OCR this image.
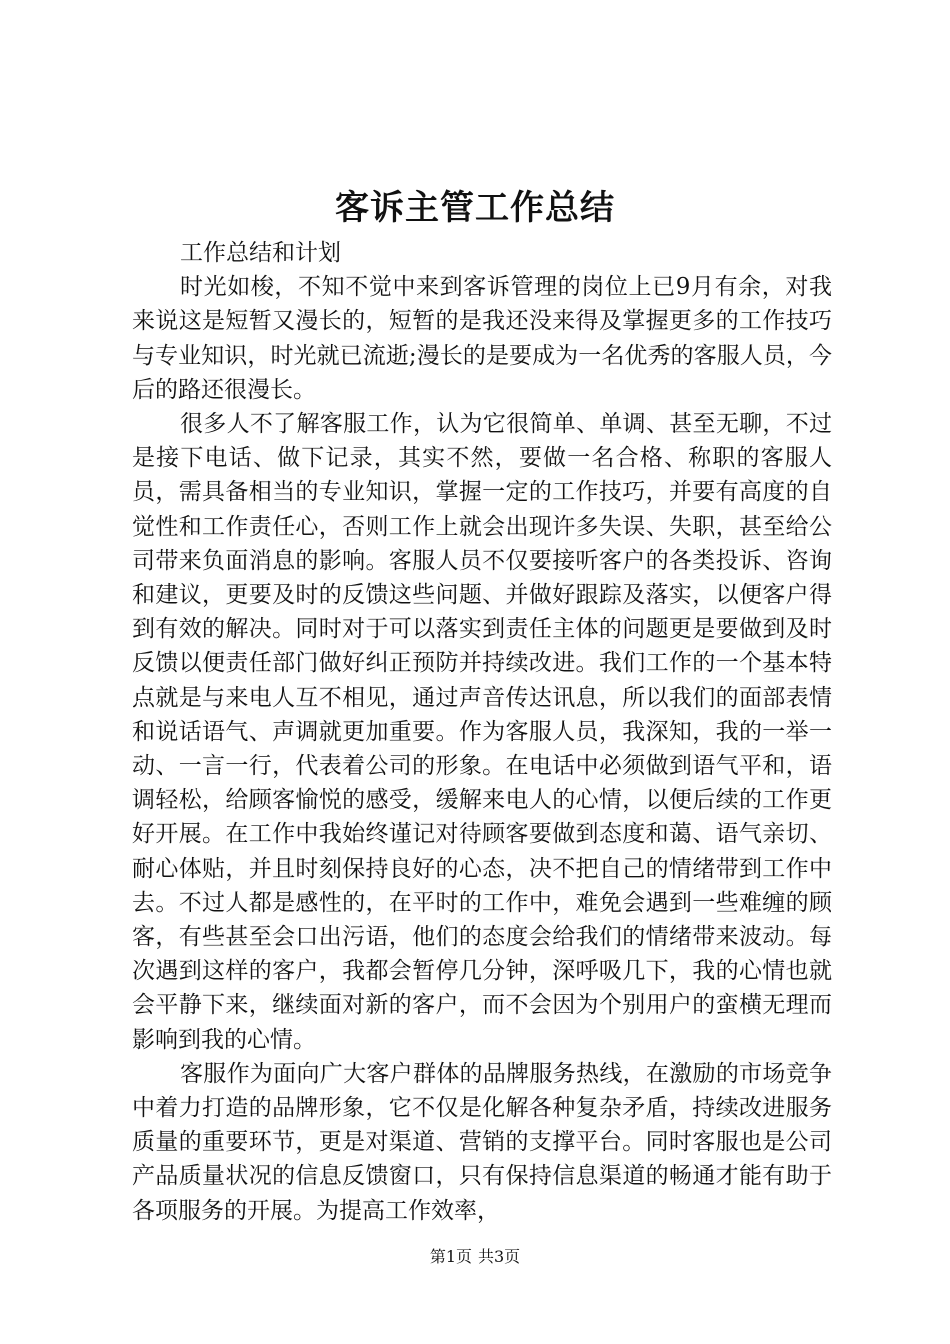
客诉主管工作总结

工作总结和计划

时光如梭，不知不觉中来到客诉管理的岗位上已9月有余，对我来说这是短暂又漫长的，短暂的是我还没来得及掌握更多的工作技巧与专业知识，时光就已流逝;漫长的是要成为一名优秀的客服人员，今后的路还很漫长。

很多人不了解客服工作，认为它很简单、单调、甚至无聊，不过是接下电话、做下记录，其实不然，要做一名合格、称职的客服人员，需具备相当的专业知识，掌握一定的工作技巧，并要有高度的自觉性和工作责任心，否则工作上就会出现许多失误、失职，甚至给公司带来负面消息的影响。客服人员不仅要接听客户的各类投诉、咨询和建议，更要及时的反馈这些问题、并做好跟踪及落实，以便客户得到有效的解决。同时对于可以落实到责任主体的问题更是要做到及时反馈以便责任部门做好纠正预防并持续改进。我们工作的一个基本特点就是与来电人互不相见，通过声音传达讯息，所以我们的面部表情和说话语气、声调就更加重要。作为客服人员，我深知，我的一举一动、一言一行，代表着公司的形象。在电话中必须做到语气平和，语调轻松，给顾客愉悦的感受，缓解来电人的心情，以便后续的工作更好开展。在工作中我始终谨记对待顾客要做到态度和蔼、语气亲切、耐心体贴，并且时刻保持良好的心态，决不把自己的情绪带到工作中去。不过人都是感性的，在平时的工作中，难免会遇到一些难缠的顾客，有些甚至会口出污语，他们的态度会给我们的情绪带来波动。每次遇到这样的客户，我都会暂停几分钟，深呼吸几下，我的心情也就会平静下来，继续面对新的客户，而不会因为个别用户的蛮横无理而影响到我的心情。

客服作为面向广大客户群体的品牌服务热线，在激励的市场竞争中着力打造的品牌形象，它不仅是化解各种复杂矛盾，持续改进服务质量的重要环节，更是对渠道、营销的支撑平台。同时客服也是公司产品质量状况的信息反馈窗口，只有保持信息渠道的畅通才能有助于各项服务的开展。为提高工作效率，

第1页 共3页
